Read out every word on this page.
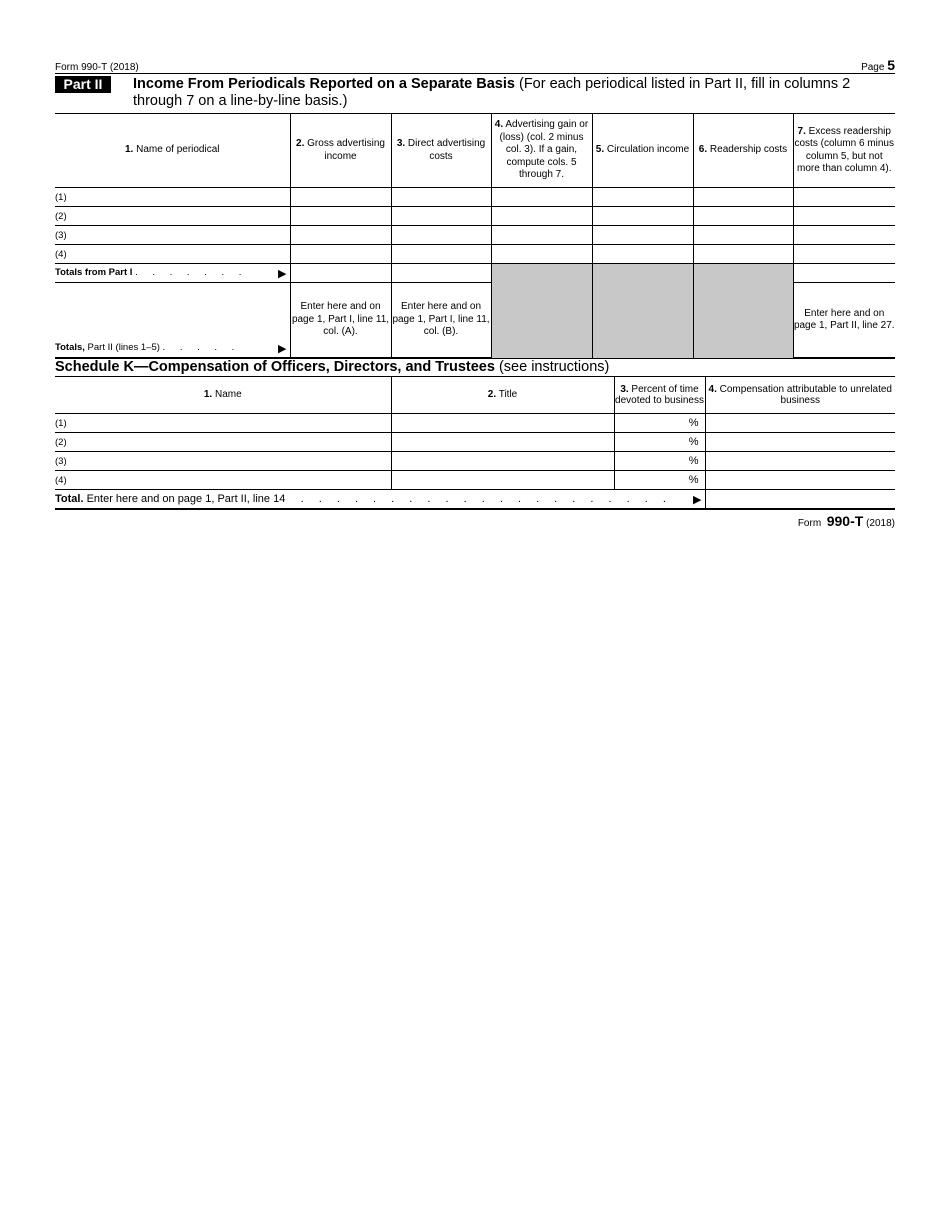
Form 990-T (2018)	Page 5
Part II	Income From Periodicals Reported on a Separate Basis (For each periodical listed in Part II, fill in columns 2 through 7 on a line-by-line basis.)
1. Name of periodical	2. Gross advertising income	3. Direct advertising costs	4. Advertising gain or (loss) (col. 2 minus col. 3). If a gain, compute cols. 5 through 7.	5. Circulation income	6. Readership costs	7. Excess readership costs (column 6 minus column 5, but not more than column 4).
(1)						
(2)						
(3)						
(4)						
Totals from Part I . . . . . . . ▶						

Totals, Part II (lines 1–5) . . . . . ▶	Enter here and on page 1, Part I, line 11, col. (A).	Enter here and on page 1, Part I, line 11, col. (B).				Enter here and on page 1, Part II, line 27.
Schedule K—Compensation of Officers, Directors, and Trustees (see instructions)
1. Name	2. Title	3. Percent of time devoted to business	4. Compensation attributable to unrelated business
(1)		%	
(2)		%	
(3)		%	
(4)		%	
Total. Enter here and on page 1, Part II, line 14 . . . . . . . . . . . . . . . . . . . . . ▶			

Form 990-T (2018)
